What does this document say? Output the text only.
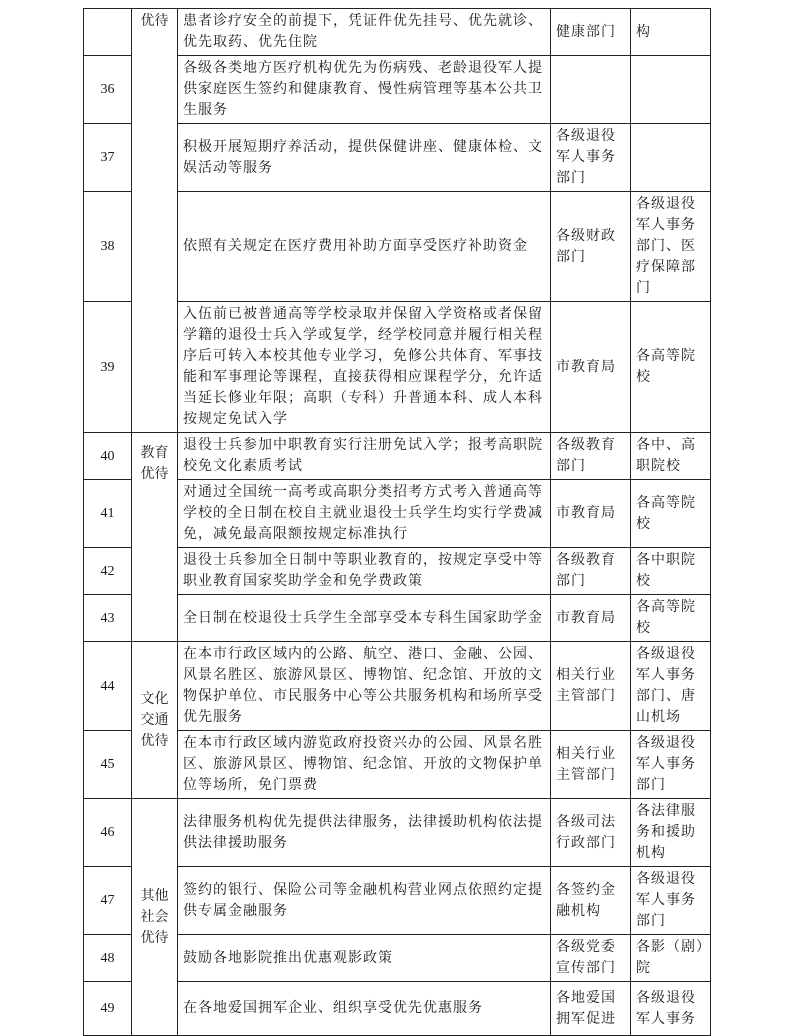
	优待	患者诊疗安全的前提下，凭证件优先挂号、优先就诊、优先取药、优先住院	健康部门	构
36		各级各类地方医疗机构优先为伤病残、老龄退役军人提供家庭医生签约和健康教育、慢性病管理等基本公共卫生服务		
37		积极开展短期疗养活动，提供保健讲座、健康体检、文娱活动等服务	各级退役军人事务部门	
38		依照有关规定在医疗费用补助方面享受医疗补助资金	各级财政部门	各级退役军人事务部门、医疗保障部门
39		入伍前已被普通高等学校录取并保留入学资格或者保留学籍的退役士兵入学或复学，经学校同意并履行相关程序后可转入本校其他专业学习，免修公共体育、军事技能和军事理论等课程，直接获得相应课程学分，允许适当延长修业年限；高职（专科）升普通本科、成人本科按规定免试入学	市教育局	各高等院校
40	教育优待	退役士兵参加中职教育实行注册免试入学；报考高职院校免文化素质考试	各级教育部门	各中、高职院校
41		对通过全国统一高考或高职分类招考方式考入普通高等学校的全日制在校自主就业退役士兵学生均实行学费减免，减免最高限额按规定标准执行	市教育局	各高等院校
42		退役士兵参加全日制中等职业教育的，按规定享受中等职业教育国家奖助学金和免学费政策	各级教育部门	各中职院校
43		全日制在校退役士兵学生全部享受本专科生国家助学金	市教育局	各高等院校
44	文化交通优待	在本市行政区域内的公路、航空、港口、金融、公园、风景名胜区、旅游风景区、博物馆、纪念馆、开放的文物保护单位、市民服务中心等公共服务机构和场所享受优先服务	相关行业主管部门	各级退役军人事务部门、唐山机场
45		在本市行政区域内游览政府投资兴办的公园、风景名胜区、旅游风景区、博物馆、纪念馆、开放的文物保护单位等场所，免门票费	相关行业主管部门	各级退役军人事务部门
46	其他社会优待	法律服务机构优先提供法律服务，法律援助机构依法提供法律援助服务	各级司法行政部门	各法律服务和援助机构
47		签约的银行、保险公司等金融机构营业网点依照约定提供专属金融服务	各签约金融机构	各级退役军人事务部门
48		鼓励各地影院推出优惠观影政策	各级党委宣传部门	各影（剧）院
49		在各地爱国拥军企业、组织享受优先优惠服务	各地爱国拥军促进	各级退役军人事务
